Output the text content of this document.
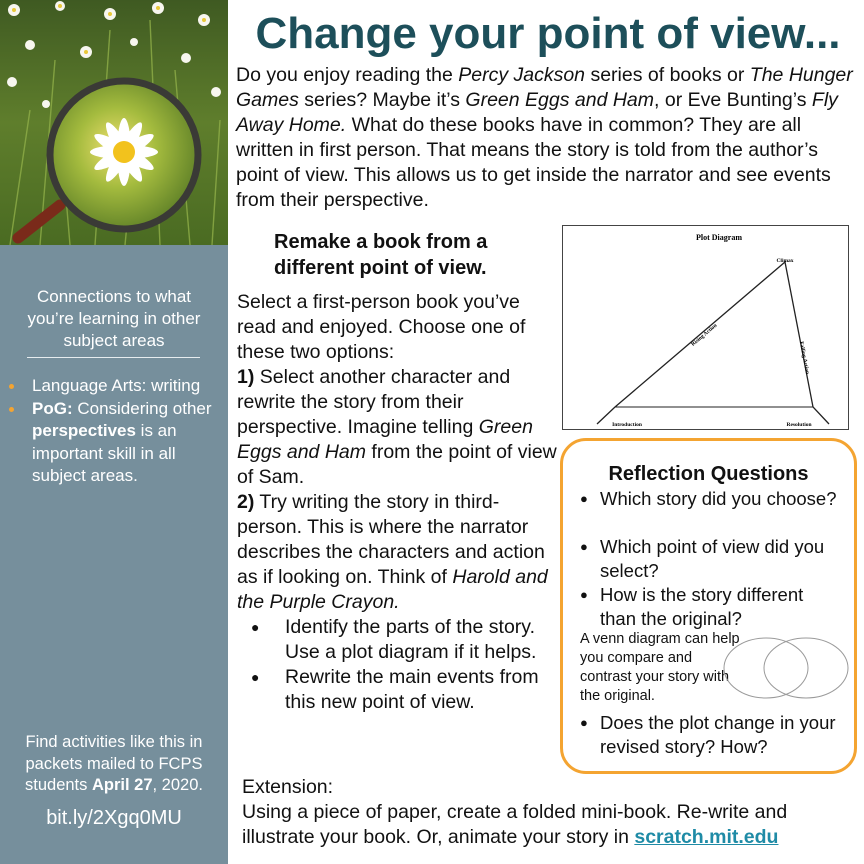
Connections to what you’re learning in other subject areas
Language Arts: writing
PoG: Considering other perspectives is an important skill in all subject areas.
Find activities like this in packets mailed to FCPS students April 27, 2020.
bit.ly/2Xgq0MU
Change your point of view...

Do you enjoy reading the Percy Jackson series of books or The Hunger Games series? Maybe it’s Green Eggs and Ham, or Eve Bunting’s Fly Away Home. What do these books have in common? They are all written in first person. That means the story is told from the author’s point of view. This allows us to get inside the narrator and see events from their perspective.

Remake a book from a different point of view.

Select a first-person book you’ve read and enjoyed. Choose one of these two options:

1) Select another character and rewrite the story from their perspective. Imagine telling Green Eggs and Ham from the point of view of Sam.

2) Try writing the story in third-person. This is where the narrator describes the characters and action as if looking on. Think of Harold and the Purple Crayon.

● Identify the parts of the story. Use a plot diagram if it helps.

● Rewrite the main events from this new point of view.

Plot Diagram
Climax
Rising Action
Falling Action
Introduction	Resolution
Reflection Questions
● Which story did you choose?
● Which point of view did you select?
● How is the story different than the original?
A venn diagram can help you compare and contrast your story with the original.
● Does the plot change in your revised story? How?
Extension:
Using a piece of paper, create a folded mini-book. Re-write and illustrate your book. Or, animate your story in scratch.mit.edu
